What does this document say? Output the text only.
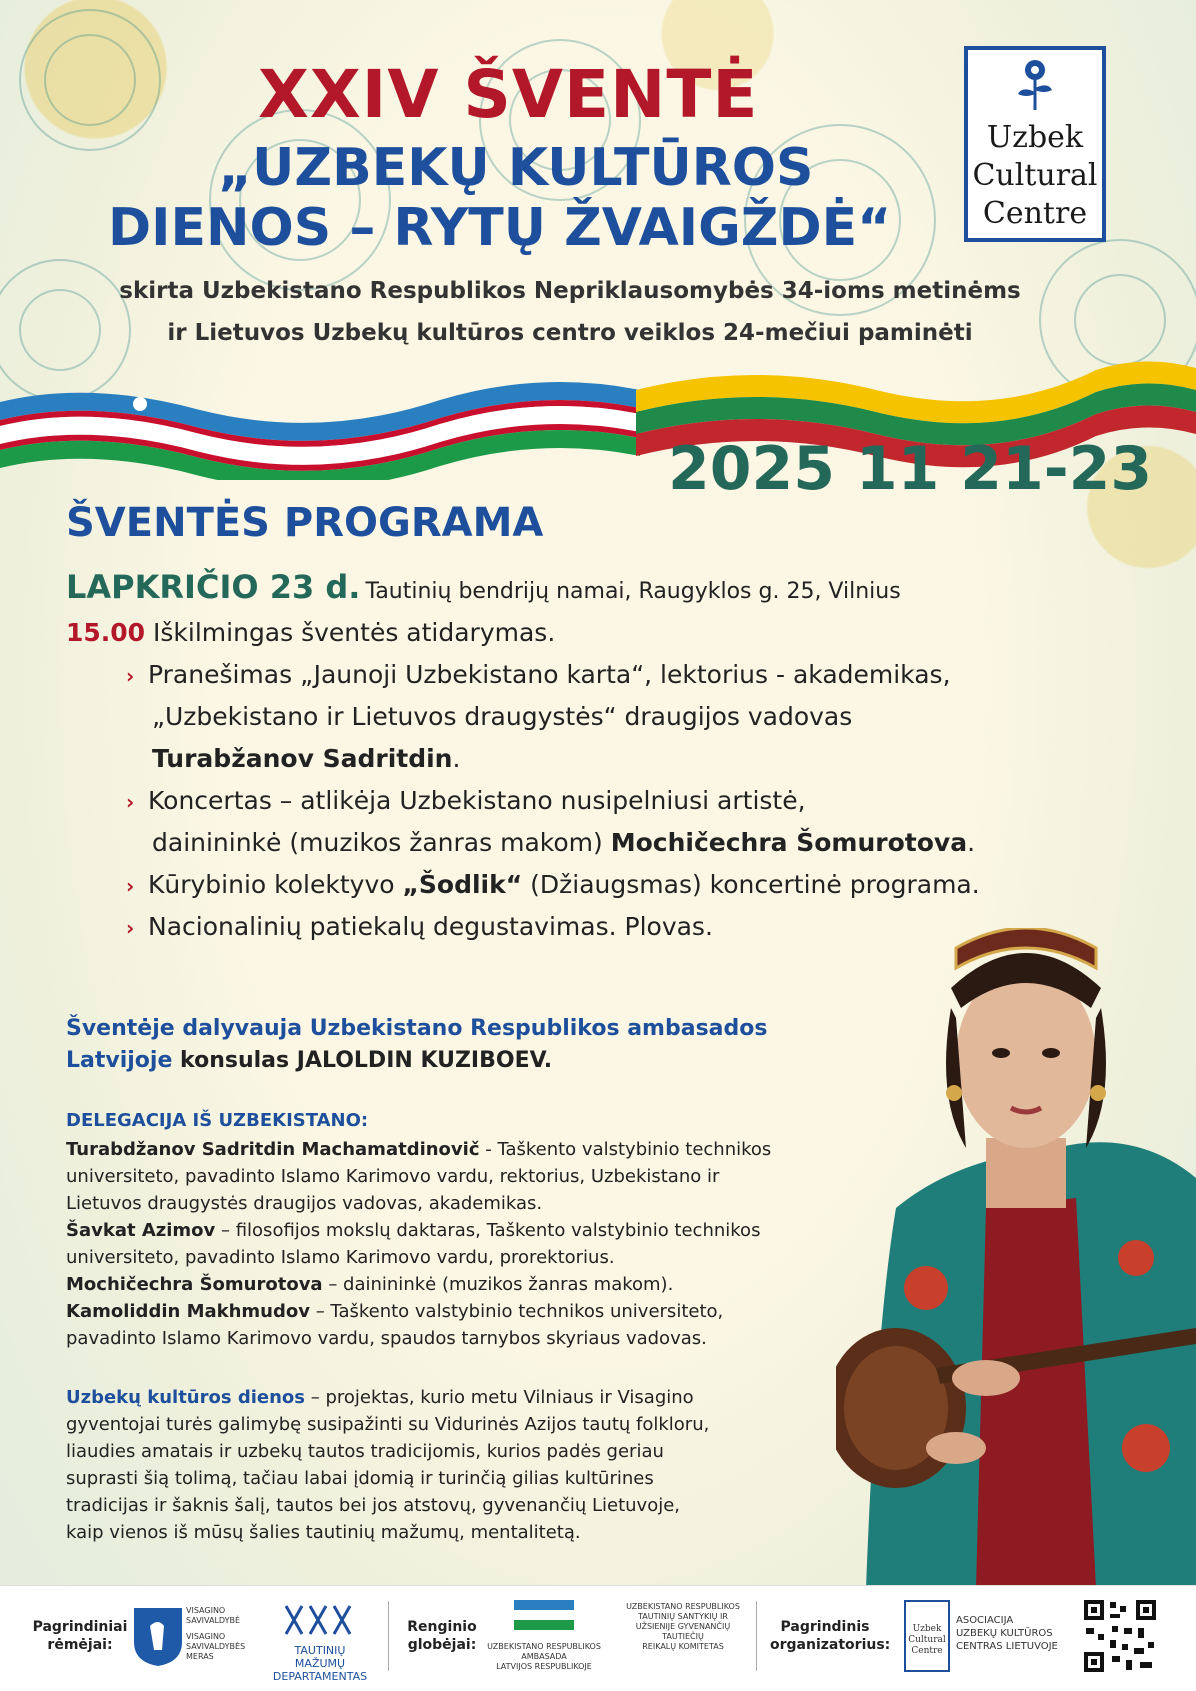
XXIV ŠVENTĖ
„UZBEKŲ KULTŪROS
DIENOS – RYTŲ ŽVAIGŽDĖ“
skirta Uzbekistano Respublikos Nepriklausomybės 34-ioms metinėms
ir Lietuvos Uzbekų kultūros centro veiklos 24-mečiui paminėti
Uzbek
Cultural
Centre
2025 11 21-23
ŠVENTĖS PROGRAMA
LAPKRIČIO 23 d. Tautinių bendrijų namai, Raugyklos g. 25, Vilnius
15.00 Iškilmingas šventės atidarymas.
› Pranešimas „Jaunoji Uzbekistano karta“, lektorius - akademikas,
„Uzbekistano ir Lietuvos draugystės“ draugijos vadovas
Turabžanov Sadritdin.
› Koncertas – atlikėja Uzbekistano nusipelniusi artistė,
dainininkė (muzikos žanras makom) Mochičechra Šomurotova.
› Kūrybinio kolektyvo „Šodlik“ (Džiaugsmas) koncertinė programa.
› Nacionalinių patiekalų degustavimas. Plovas.
Šventėje dalyvauja Uzbekistano Respublikos ambasados
Latvijoje konsulas JALOLDIN KUZIBOEV.
DELEGACIJA IŠ UZBEKISTANO:
Turabdžanov Sadritdin Machamatdinovič - Taškento valstybinio technikos
universiteto, pavadinto Islamo Karimovo vardu, rektorius, Uzbekistano ir
Lietuvos draugystės draugijos vadovas, akademikas.
Šavkat Azimov – filosofijos mokslų daktaras, Taškento valstybinio technikos
universiteto, pavadinto Islamo Karimovo vardu, prorektorius.
Mochičechra Šomurotova – dainininkė (muzikos žanras makom).
Kamoliddin Makhmudov – Taškento valstybinio technikos universiteto,
pavadinto Islamo Karimovo vardu, spaudos tarnybos skyriaus vadovas.
Uzbekų kultūros dienos – projektas, kurio metu Vilniaus ir Visagino
gyventojai turės galimybę susipažinti su Vidurinės Azijos tautų folkloru,
liaudies amatais ir uzbekų tautos tradicijomis, kurios padės geriau
suprasti šią tolimą, tačiau labai įdomią ir turinčią gilias kultūrines
tradicijas ir šaknis šalį, tautos bei jos atstovų, gyvenančių Lietuvoje,
kaip vienos iš mūsų šalies tautinių mažumų, mentalitetą.
Pagrindiniai
rėmėjai:
VISAGINO
SAVIVALDYBĖ
VISAGINO
SAVIVALDYBĖS
MERAS	TAUTINIŲ MAŽUMŲ
DEPARTAMENTAS
Renginio
globėjai:	UZBEKISTANO RESPUBLIKOS
AMBASADA
LATVIJOS RESPUBLIKOJE
UZBEKISTANO RESPUBLIKOS
TAUTINIŲ SANTYKIŲ IR
UŽSIENIJE GYVENANČIŲ
TAUTIEČIŲ
REIKALŲ KOMITETAS
Pagrindinis
organizatorius:
Uzbek
Cultural
Centre
ASOCIACIJA
UZBEKŲ KULTŪROS
CENTRAS LIETUVOJE
